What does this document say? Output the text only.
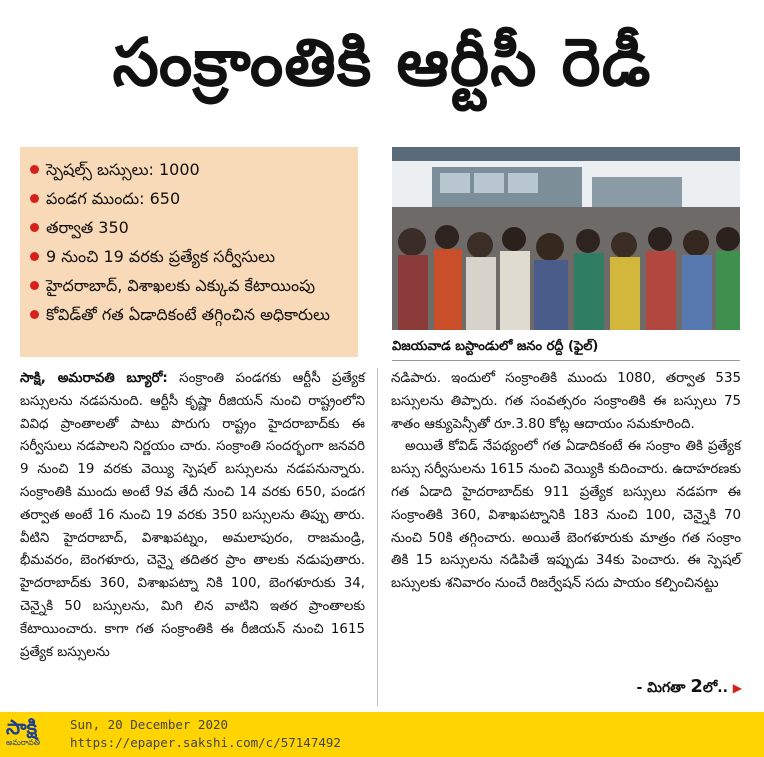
సంక్రాంతికి ఆర్టీసీ రెడీ
స్పెషల్స్ బస్సులు: 1000
పండగ ముందు: 650
తర్వాత 350
9 నుంచి 19 వరకు ప్రత్యేక సర్వీసులు
హైదరాబాద్, విశాఖలకు ఎక్కువ కేటాయింపు
కోవిడ్‌తో గత ఏడాదికంటే తగ్గించిన అధికారులు
విజయవాడ బస్టాండులో జనం రద్దీ (ఫైల్)

సాక్షి, అమరావతి బ్యూరో: సంక్రాంతి పండగకు ఆర్టీసీ ప్రత్యేక బస్సులను నడపనుంది. ఆర్టీసీ కృష్ణా రీజియన్ నుంచి రాష్ట్రంలోని వివిధ ప్రాంతాలతో పాటు పొరుగు రాష్ట్రం హైదరాబాద్‌కు ఈ సర్వీసులు నడపాలని నిర్ణయం చారు. సంక్రాంతి సందర్భంగా జనవరి 9 నుంచి 19 వరకు వెయ్యి స్పెషల్ బస్సులను నడపనున్నారు. సంక్రాంతికి ముందు అంటే 9వ తేదీ నుంచి 14 వరకు 650, పండగ తర్వాత అంటే 16 నుంచి 19 వరకు 350 బస్సులను తిప్పు తారు. వీటిని హైదరాబాద్, విశాఖపట్నం, అమలాపురం, రాజమండ్రి, భీమవరం, బెంగళూరు, చెన్నై తదితర ప్రాం తాలకు నడుపుతారు. హైదరాబాద్‌కు 360, విశాఖపట్నా నికి 100, బెంగళూరుకు 34, చెన్నైకి 50 బస్సులను, మిగి లిన వాటిని ఇతర ప్రాంతాలకు కేటాయించారు. కాగా గత సంక్రాంతికి ఈ రీజియన్ నుంచి 1615 ప్రత్యేక బస్సులను

నడిపారు. ఇందులో సంక్రాంతికి ముందు 1080, తర్వాత 535 బస్సులను తిప్పారు. గత సంవత్సరం సంక్రాంతికి ఈ బస్సులు 75 శాతం ఆక్యుపెన్సీతో రూ.3.80 కోట్ల ఆదాయం సమకూరింది.

అయితే కోవిడ్ నేపథ్యంలో గత ఏడాదికంటే ఈ సంక్రాం తికి ప్రత్యేక బస్సు సర్వీసులను 1615 నుంచి వెయ్యికి కుదించారు. ఉదాహరణకు గత ఏడాది హైదరాబాద్‌కు 911 ప్రత్యేక బస్సులు నడపగా ఈ సంక్రాంతికి 360, విశాఖపట్నానికి 183 నుంచి 100, చెన్నైకి 70 నుంచి 50కి తగ్గించారు. అయితే బెంగళూరుకు మాత్రం గత సంక్రాం తికి 15 బస్సులను నడిపితే ఇప్పుడు 34కు పెంచారు. ఈ స్పెషల్ బస్సులకు శనివారం నుంచే రిజర్వేషన్ సదు పాయం కల్పించినట్టు

- మిగతా 2లో.. ▶
సాక్షి
అమరావతి
Sun, 20 December 2020
https://epaper.sakshi.com/c/57147492
